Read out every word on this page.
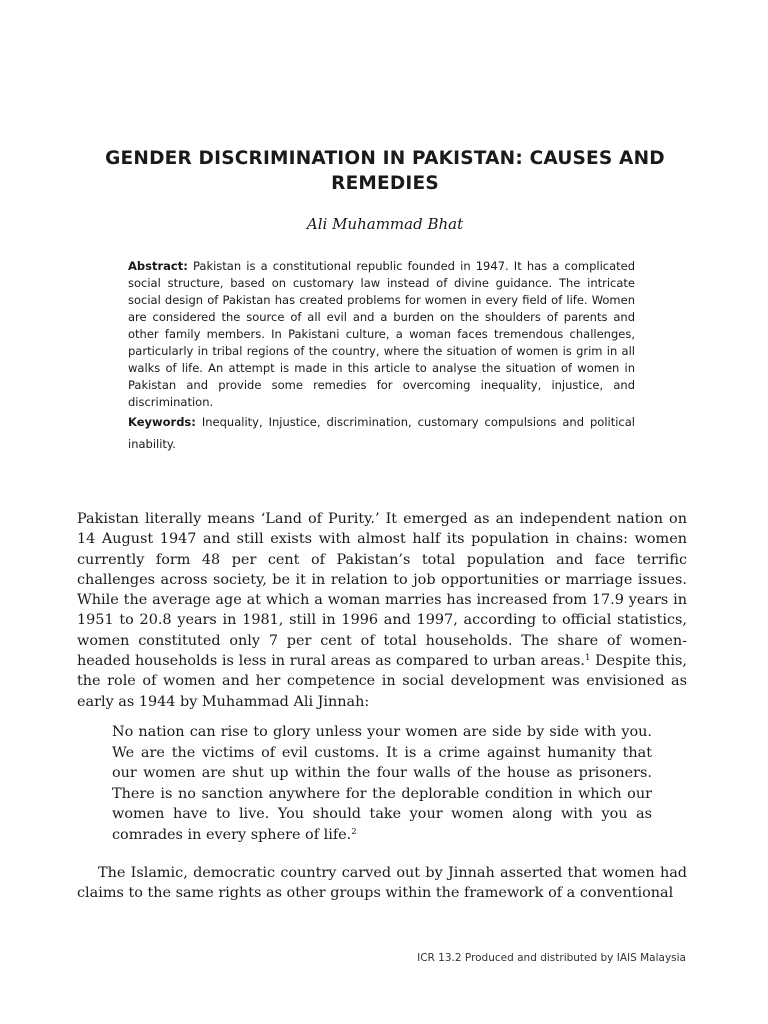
GENDER DISCRIMINATION IN PAKISTAN: CAUSES AND REMEDIES
Ali Muhammad Bhat

Abstract: Pakistan is a constitutional republic founded in 1947. It has a complicated social structure, based on customary law instead of divine guidance. The intricate social design of Pakistan has created problems for women in every field of life. Women are considered the source of all evil and a burden on the shoulders of parents and other family members. In Pakistani culture, a woman faces tremendous challenges, particularly in tribal regions of the country, where the situation of women is grim in all walks of life. An attempt is made in this article to analyse the situation of women in Pakistan and provide some remedies for overcoming inequality, injustice, and discrimination.

Keywords: Inequality, Injustice, discrimination, customary compulsions and political inability.

Pakistan literally means ‘Land of Purity.’ It emerged as an independent nation on 14 August 1947 and still exists with almost half its population in chains: women currently form 48 per cent of Pakistan’s total population and face terrific challenges across society, be it in relation to job opportunities or marriage issues. While the average age at which a woman marries has increased from 17.9 years in 1951 to 20.8 years in 1981, still in 1996 and 1997, according to official statistics, women constituted only 7 per cent of total households. The share of women-headed households is less in rural areas as compared to urban areas.$^1$ Despite this, the role of women and her competence in social development was envisioned as early as 1944 by Muhammad Ali Jinnah:

No nation can rise to glory unless your women are side by side with you. We are the victims of evil customs. It is a crime against humanity that our women are shut up within the four walls of the house as prisoners. There is no sanction anywhere for the deplorable condition in which our women have to live. You should take your women along with you as comrades in every sphere of life.$^2$

The Islamic, democratic country carved out by Jinnah asserted that women had claims to the same rights as other groups within the framework of a conventional

ICR 13.2 Produced and distributed by IAIS Malaysia
